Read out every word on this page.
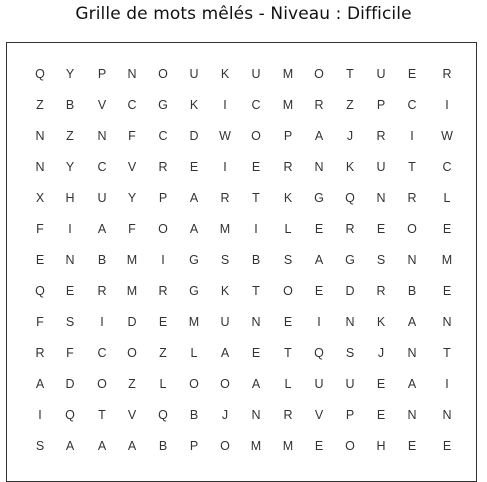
Grille de mots mêlés - Niveau : Difficile
Q	Y	P	N	O	U	K	U	M	O	T	U	E	R
Z	B	V	C	G	K	I	C	M	R	Z	P	C	I
N	Z	N	F	C	D	W	O	P	A	J	R	I	W
N	Y	C	V	R	E	I	E	R	N	K	U	T	C
X	H	U	Y	P	A	R	T	K	G	Q	N	R	L
F	I	A	F	O	A	M	I	L	E	R	E	O	E
E	N	B	M	I	G	S	B	S	A	G	S	N	M
Q	E	R	M	R	G	K	T	O	E	D	R	B	E
F	S	I	D	E	M	U	N	E	I	N	K	A	N
R	F	C	O	Z	L	A	E	T	Q	S	J	N	T
A	D	O	Z	L	O	O	A	L	U	U	E	A	I
I	Q	T	V	Q	B	J	N	R	V	P	E	N	N
S	A	A	A	B	P	O	M	M	E	O	H	E	E
